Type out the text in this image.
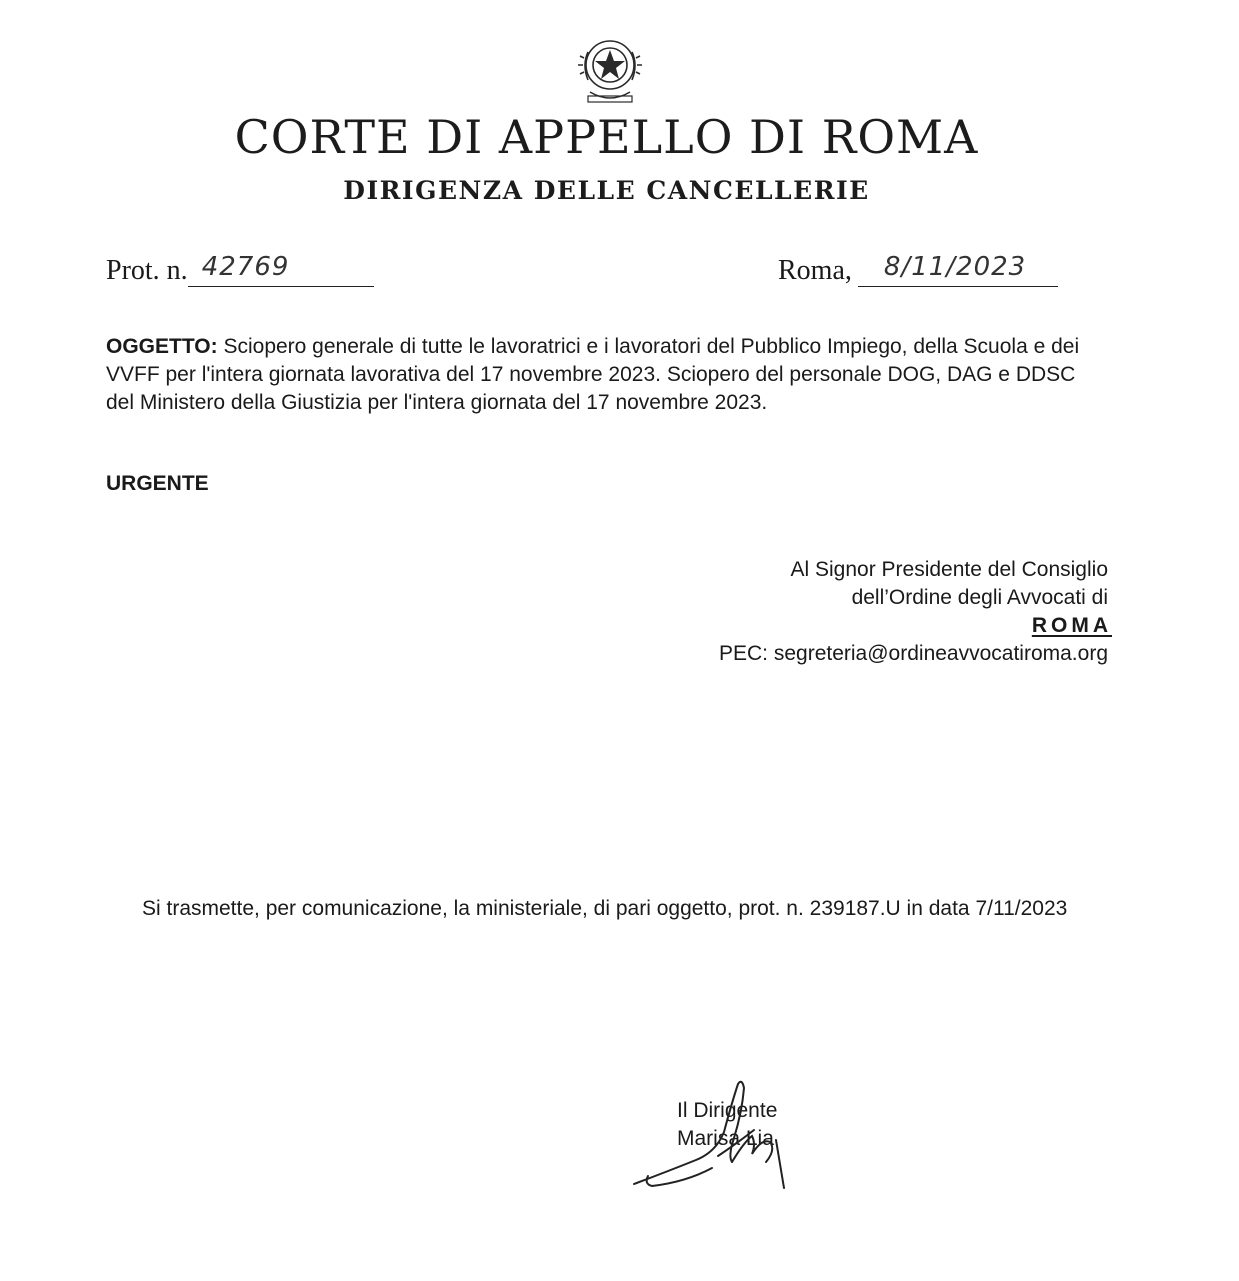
CORTE DI APPELLO DI ROMA
DIRIGENZA DELLE CANCELLERIE
Prot. n. 42769	Roma, 8/11/2023

OGGETTO: Sciopero generale di tutte le lavoratrici e i lavoratori del Pubblico Impiego, della Scuola e dei VVFF per l'intera giornata lavorativa del 17 novembre 2023. Sciopero del personale DOG, DAG e DDSC del Ministero della Giustizia per l'intera giornata del 17 novembre 2023.

URGENTE

Al Signor Presidente del Consiglio
dell’Ordine degli Avvocati di
ROMA
PEC: segreteria@ordineavvocatiroma.org

Si trasmette, per comunicazione, la ministeriale, di pari oggetto, prot. n. 239187.U in data 7/11/2023

Il Dirigente
Marisa Lia
